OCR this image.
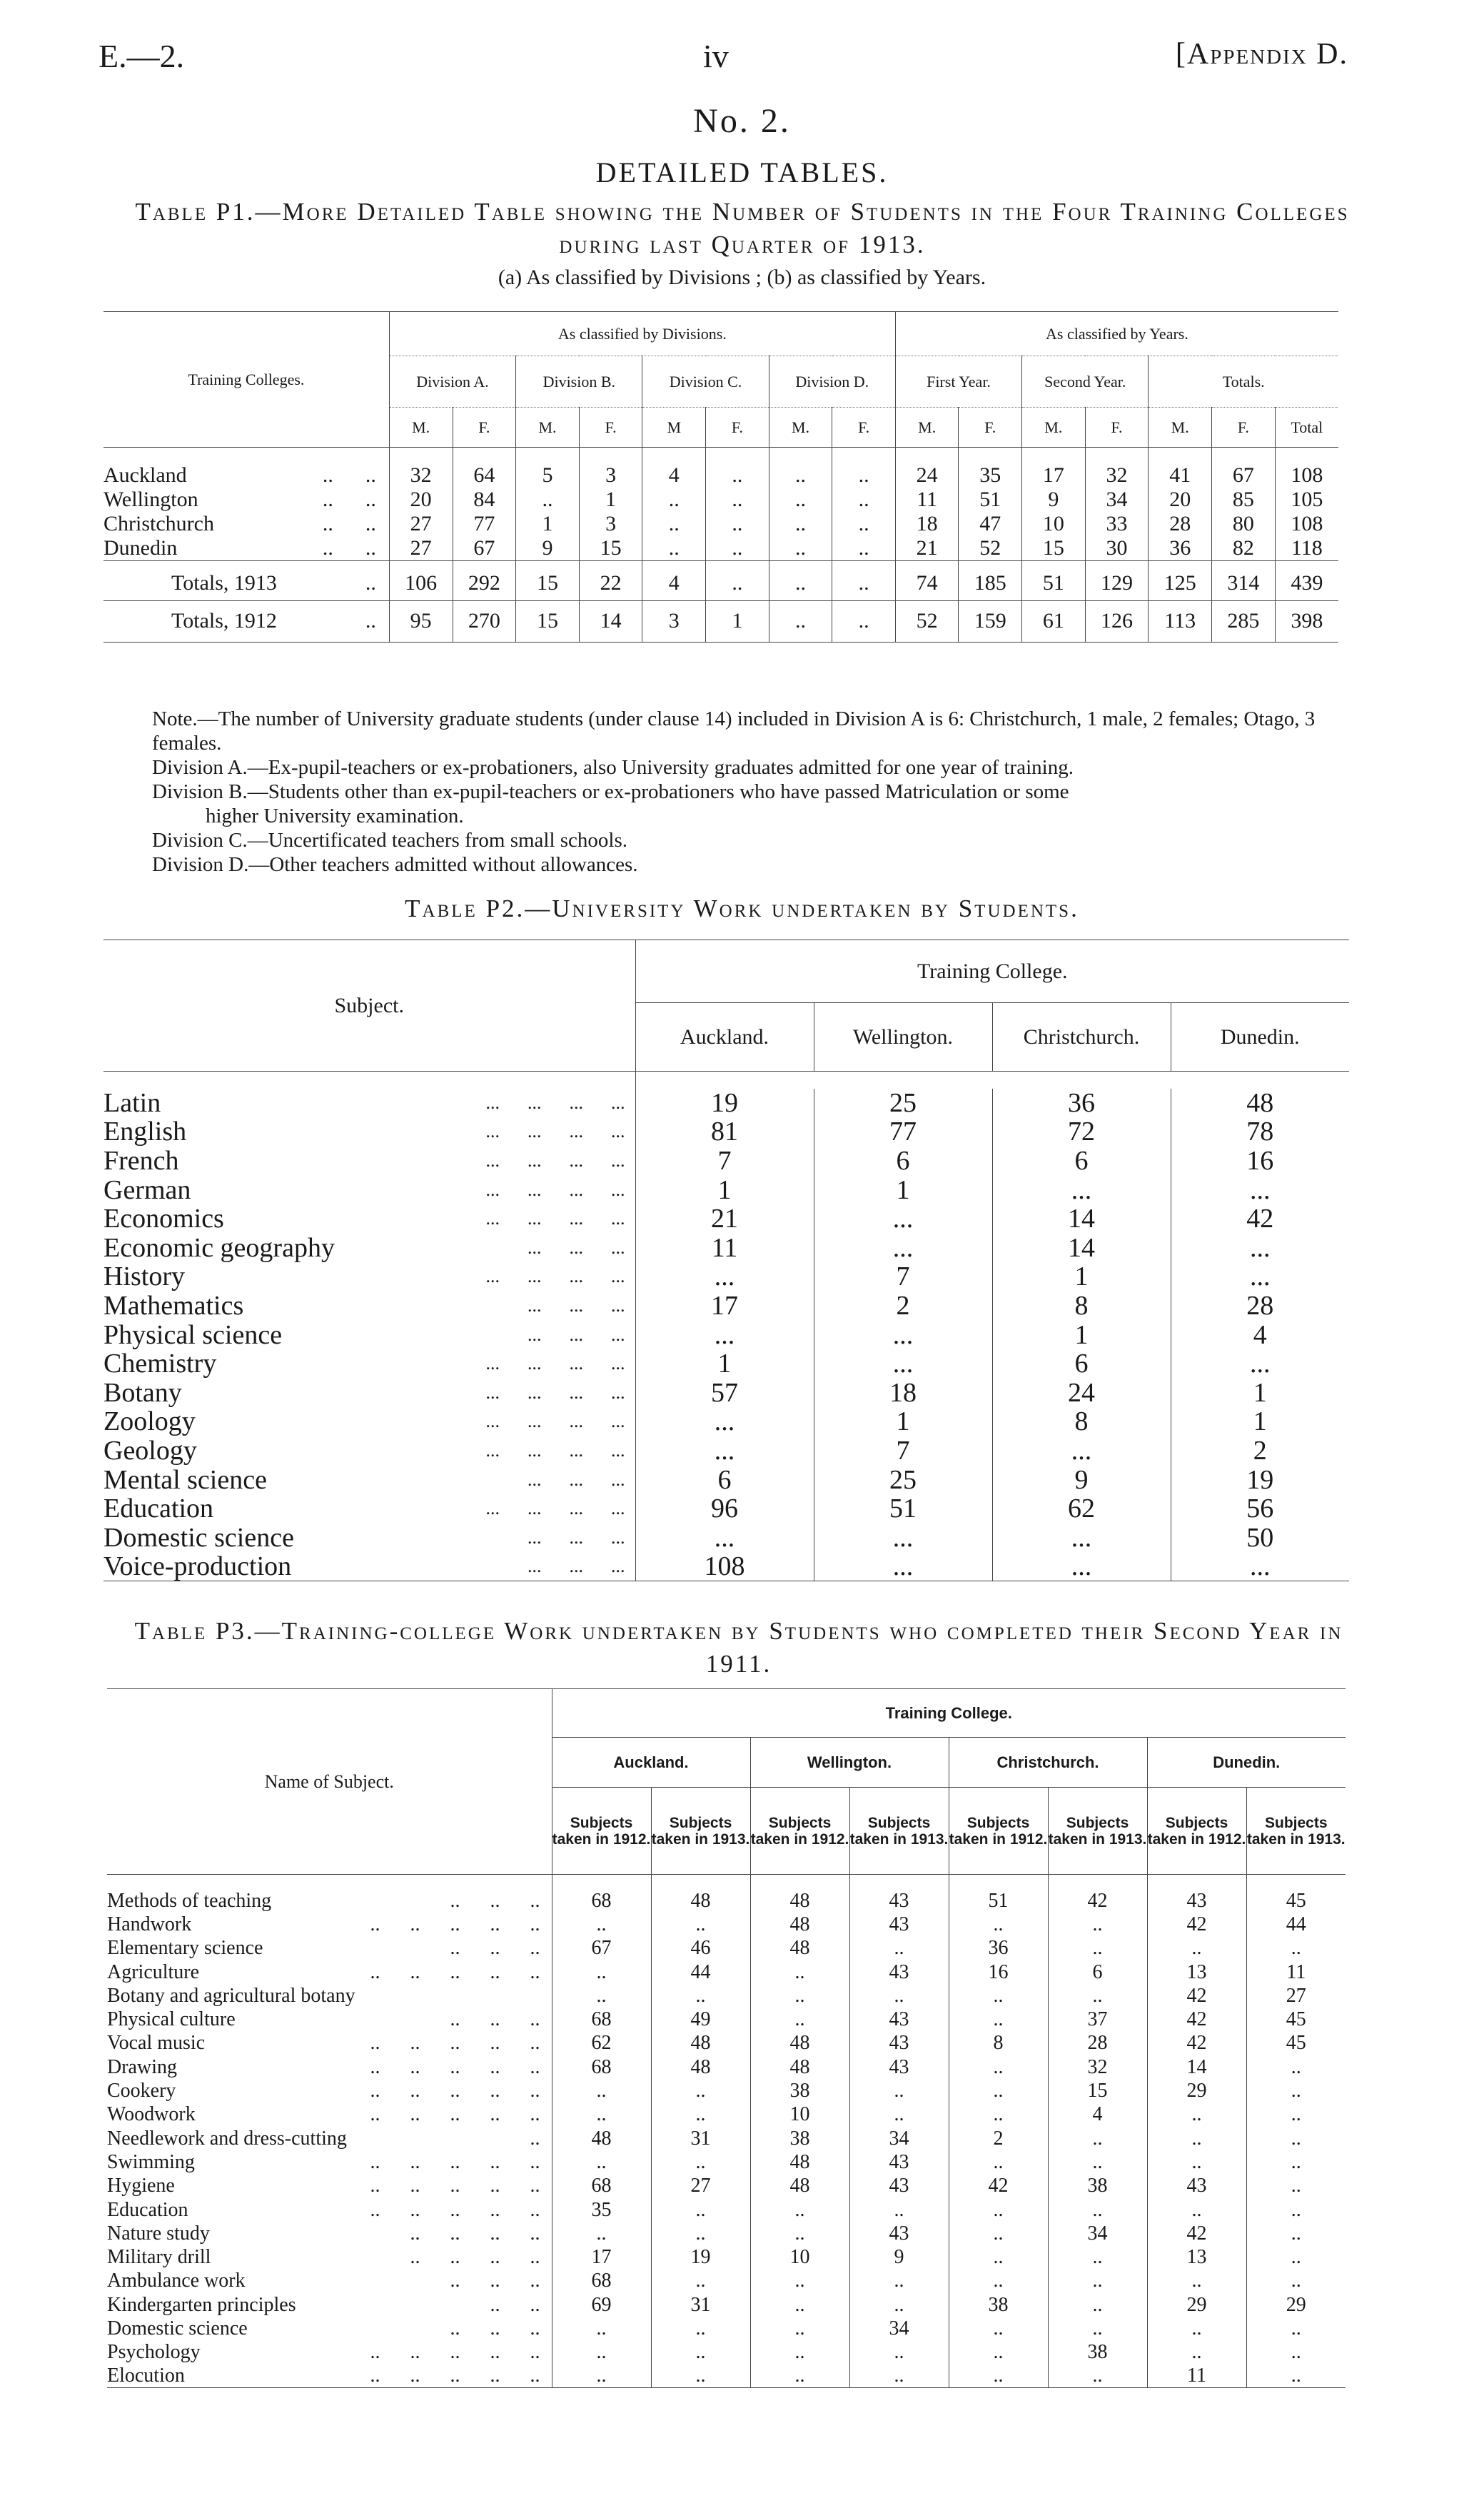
E.—2.	iv	[Appendix D.
No. 2.
DETAILED TABLES.
Table P1.—More Detailed Table showing the Number of Students in the Four Training Colleges during last Quarter of 1913.
(a) As classified by Divisions ; (b) as classified by Years.
Training Colleges.	As classified by Divisions.								As classified by Years.						
	Division A.		Division B.		Division C.		Division D.		First Year.		Second Year.		Totals.		
	M.	F.	M.	F.	M	F.	M.	F.	M.	F.	M.	F.	M.	F.	Total

Auckland ..      ..	32	64	5	3	4	..	..	..	24	35	17	32	41	67	108
Wellington ..      ..	20	84	..	1	..	..	..	..	11	51	9	34	20	85	105
Christchurch ..      ..	27	77	1	3	..	..	..	..	18	47	10	33	28	80	108
Dunedin ..      ..	27	67	9	15	..	..	..	..	21	52	15	30	36	82	118

Totals, 1913 ..	106	292	15	22	4	..	..	..	74	185	51	129	125	314	439
Totals, 1912 ..	95	270	15	14	3	1	..	..	52	159	61	126	113	285	398

Note.—The number of University graduate students (under clause 14) included in Division A is 6: Christchurch, 1 male, 2 females; Otago, 3 females.

Division A.—Ex-pupil-teachers or ex-probationers, also University graduates admitted for one year of training.

Division B.—Students other than ex-pupil-teachers or ex-probationers who have passed Matriculation or some

higher University examination.

Division C.—Uncertificated teachers from small schools.

Division D.—Other teachers admitted without allowances.

Table P2.—University Work undertaken by Students.
Subject.	Training College.			
	Auckland.	Wellington.	Christchurch.	Dunedin.

Latin ...      ...      ...      ...	19	25	36	48
English ...      ...      ...      ...	81	77	72	78
French ...      ...      ...      ...	7	6	6	16
German ...      ...      ...      ...	1	1	...	...
Economics ...      ...      ...      ...	21	...	14	42
Economic geography ...      ...      ...	11	...	14	...
History ...      ...      ...      ...	...	7	1	...
Mathematics ...      ...      ...	17	2	8	28
Physical science ...      ...      ...	...	...	1	4
Chemistry ...      ...      ...      ...	1	...	6	...
Botany ...      ...      ...      ...	57	18	24	1
Zoology ...      ...      ...      ...	...	1	8	1
Geology ...      ...      ...      ...	...	7	...	2
Mental science ...      ...      ...	6	25	9	19
Education ...      ...      ...      ...	96	51	62	56
Domestic science ...      ...      ...	...	...	...	50
Voice-production ...      ...      ...	108	...	...	...
Table P3.—Training-college Work undertaken by Students who completed their Second Year in 1911.
Name of Subject.	Training College.							
	Auckland.		Wellington.		Christchurch.		Dunedin.	
	Subjects taken in 1912.	Subjects taken in 1913.	Subjects taken in 1912.	Subjects taken in 1913.	Subjects taken in 1912.	Subjects taken in 1913.	Subjects taken in 1912.	Subjects taken in 1913.

Methods of teaching ..      ..      ..	68	48	48	43	51	42	43	45
Handwork ..      ..      ..      ..      ..	..	..	48	43	..	..	42	44
Elementary science ..      ..      ..	67	46	48	..	36	..	..	..
Agriculture ..      ..      ..      ..      ..	..	44	..	43	16	6	13	11
Botany and agricultural botany	..	..	..	..	..	..	42	27
Physical culture ..      ..      ..	68	49	..	43	..	37	42	45
Vocal music ..      ..      ..      ..      ..	62	48	48	43	8	28	42	45
Drawing ..      ..      ..      ..      ..	68	48	48	43	..	32	14	..
Cookery ..      ..      ..      ..      ..	..	..	38	..	..	15	29	..
Woodwork ..      ..      ..      ..      ..	..	..	10	..	..	4	..	..
Needlework and dress-cutting ..	48	31	38	34	2	..	..	..
Swimming ..      ..      ..      ..      ..	..	..	48	43	..	..	..	..
Hygiene ..      ..      ..      ..      ..	68	27	48	43	42	38	43	..
Education ..      ..      ..      ..      ..	35	..	..	..	..	..	..	..
Nature study ..      ..      ..      ..	..	..	..	43	..	34	42	..
Military drill ..      ..      ..      ..	17	19	10	9	..	..	13	..
Ambulance work ..      ..      ..	68	..	..	..	..	..	..	..
Kindergarten principles ..      ..	69	31	..	..	38	..	29	29
Domestic science ..      ..      ..	..	..	..	34	..	..	..	..
Psychology ..      ..      ..      ..      ..	..	..	..	..	..	38	..	..
Elocution ..      ..      ..      ..      ..	..	..	..	..	..	..	11	..
